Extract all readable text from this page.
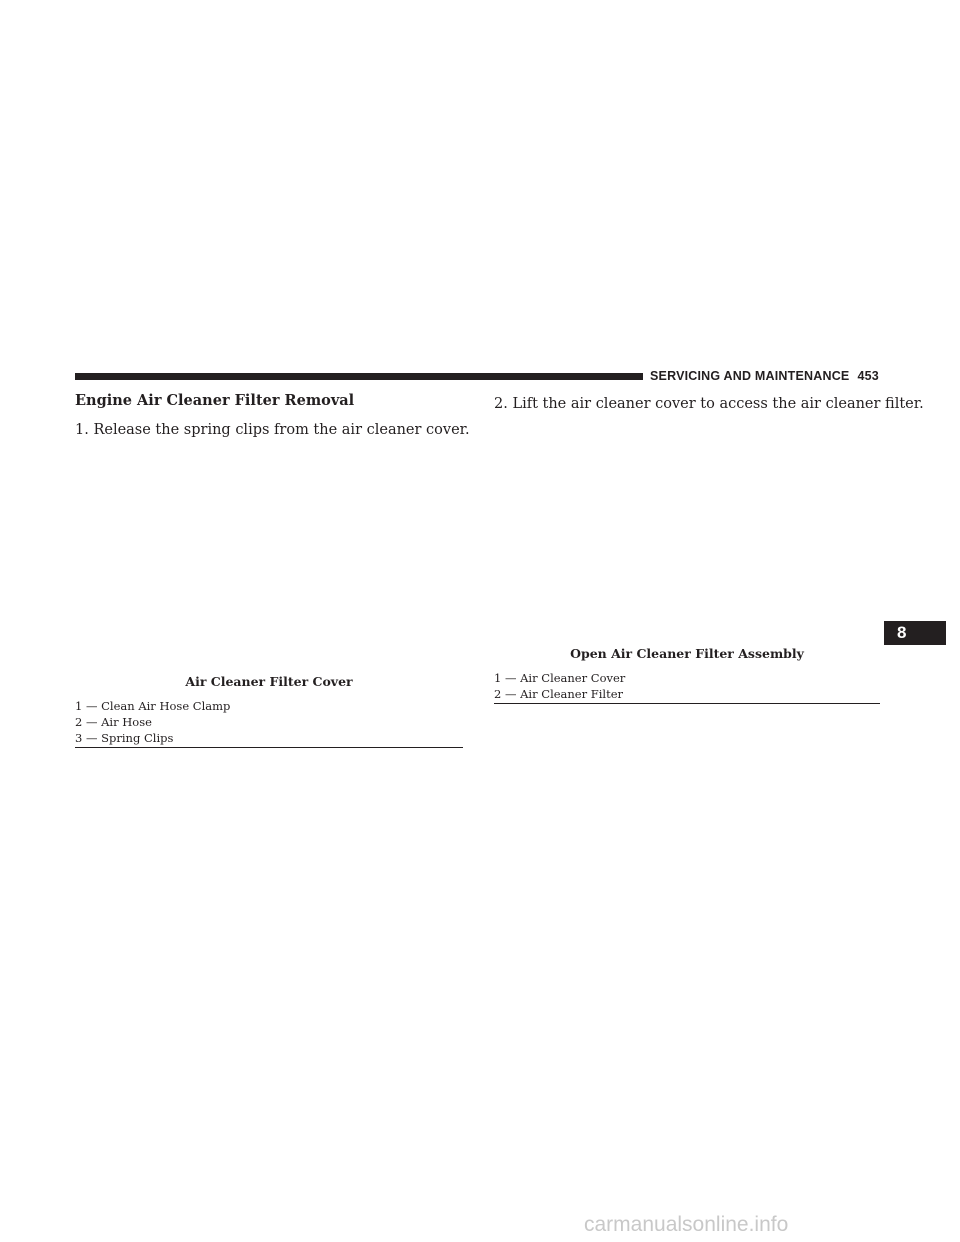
SERVICING AND MAINTENANCE 453
Engine Air Cleaner Filter Removal
1. Release the spring clips from the air cleaner cover.
2. Lift the air cleaner cover to access the air cleaner filter.
Air Cleaner Filter Cover
1 — Clean Air Hose Clamp
2 — Air Hose
3 — Spring Clips
Open Air Cleaner Filter Assembly
1 — Air Cleaner Cover
2 — Air Cleaner Filter
8
carmanualsonline.info
